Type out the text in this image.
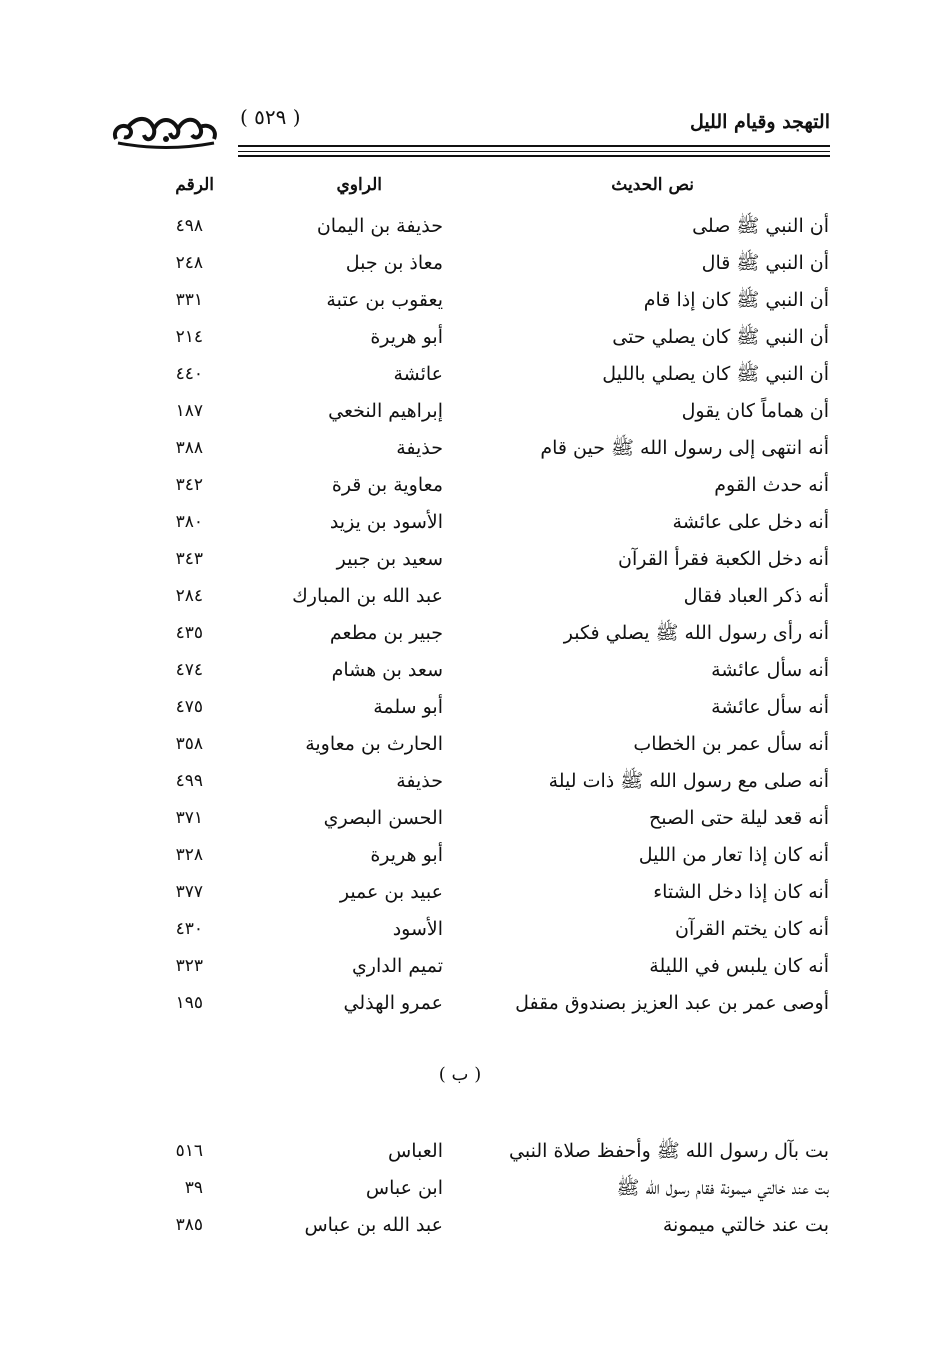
( ٥٢٩ )	التهجد وقيام الليل
نص الحديث
الراوي
الرقم
أن النبي ﷺ صلى
حذيفة بن اليمان
٤٩٨
أن النبي ﷺ قال
معاذ بن جبل
٢٤٨
أن النبي ﷺ كان إذا قام
يعقوب بن عتبة
٣٣١
أن النبي ﷺ كان يصلي حتى
أبو هريرة
٢١٤
أن النبي ﷺ كان يصلي بالليل
عائشة
٤٤٠
أن هماماً كان يقول
إبراهيم النخعي
١٨٧
أنه انتهى إلى رسول الله ﷺ حين قام
حذيفة
٣٨٨
أنه حدث القوم
معاوية بن قرة
٣٤٢
أنه دخل على عائشة
الأسود بن يزيد
٣٨٠
أنه دخل الكعبة فقرأ القرآن
سعيد بن جبير
٣٤٣
أنه ذكر العباد فقال
عبد الله بن المبارك
٢٨٤
أنه رأى رسول الله ﷺ يصلي فكبر
جبير بن مطعم
٤٣٥
أنه سأل عائشة
سعد بن هشام
٤٧٤
أنه سأل عائشة
أبو سلمة
٤٧٥
أنه سأل عمر بن الخطاب
الحارث بن معاوية
٣٥٨
أنه صلى مع رسول الله ﷺ ذات ليلة
حذيفة
٤٩٩
أنه قعد ليلة حتى الصبح
الحسن البصري
٣٧١
أنه كان إذا تعار من الليل
أبو هريرة
٣٢٨
أنه كان إذا دخل الشتاء
عبيد بن عمير
٣٧٧
أنه كان يختم القرآن
الأسود
٤٣٠
أنه كان يلبس في الليلة
تميم الداري
٣٢٣
أوصى عمر بن عبد العزيز بصندوق مقفل
عمرو الهذلي
١٩٥
( ب )
بت بآل رسول الله ﷺ وأحفظ صلاة النبي
العباس
٥١٦
بت عند خالتي ميمونة فقام رسول الله ﷺ
ابن عباس
٣٩
بت عند خالتي ميمونة
عبد الله بن عباس
٣٨٥
